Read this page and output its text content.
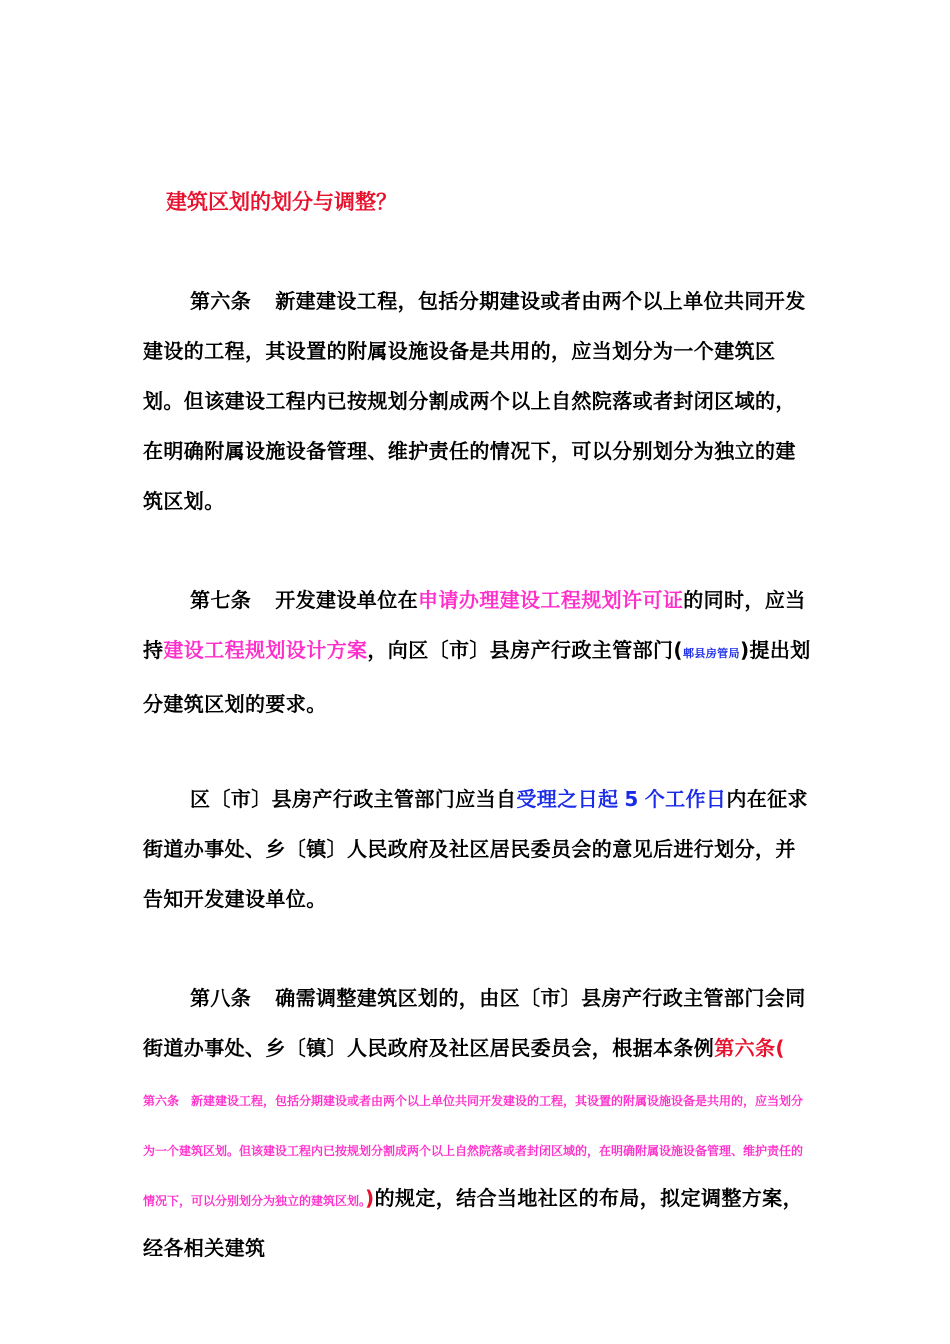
建筑区划的划分与调整？

第六条 新建建设工程，包括分期建设或者由两个以上单位共同开发建设的工程，其设置的附属设施设备是共用的，应当划分为一个建筑区划。但该建设工程内已按规划分割成两个以上自然院落或者封闭区域的，在明确附属设施设备管理、维护责任的情况下，可以分别划分为独立的建筑区划。

第七条 开发建设单位在申请办理建设工程规划许可证的同时，应当持建设工程规划设计方案，向区〔市〕县房产行政主管部门(郫县房管局)提出划分建筑区划的要求。

区〔市〕县房产行政主管部门应当自受理之日起 5 个工作日内在征求街道办事处、乡〔镇〕人民政府及社区居民委员会的意见后进行划分，并告知开发建设单位。

第八条 确需调整建筑区划的，由区〔市〕县房产行政主管部门会同街道办事处、乡〔镇〕人民政府及社区居民委员会，根据本条例第六条(第六条　新建建设工程，包括分期建设或者由两个以上单位共同开发建设的工程，其设置的附属设施设备是共用的，应当划分为一个建筑区划。但该建设工程内已按规划分割成两个以上自然院落或者封闭区域的，在明确附属设施设备管理、维护责任的情况下，可以分别划分为独立的建筑区划。)的规定，结合当地社区的布局，拟定调整方案，经各相关建筑
